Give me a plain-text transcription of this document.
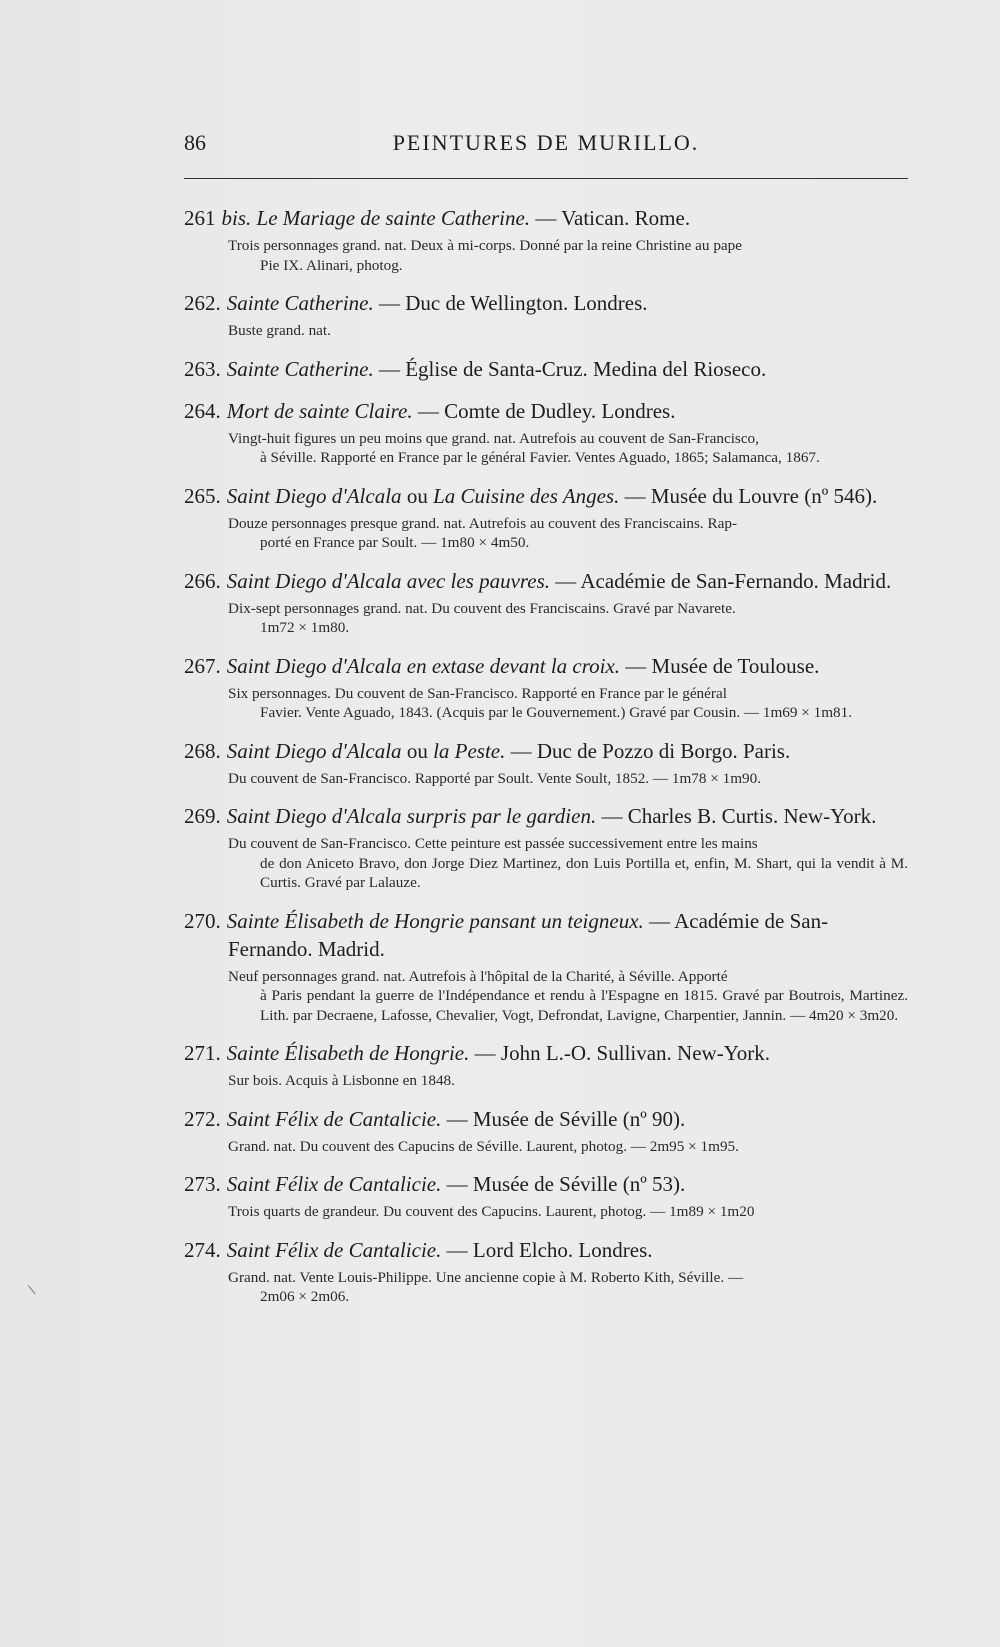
86	PEINTURES DE MURILLO.

261 bis. Le Mariage de sainte Catherine. — Vatican. Rome.

Trois personnages grand. nat. Deux à mi-corps. Donné par la reine Christine au pape
Pie IX. Alinari, photog.

262. Sainte Catherine. — Duc de Wellington. Londres.

Buste grand. nat.

263. Sainte Catherine. — Église de Santa-Cruz. Medina del Rioseco.

264. Mort de sainte Claire. — Comte de Dudley. Londres.

Vingt-huit figures un peu moins que grand. nat. Autrefois au couvent de San-Francisco,
à Séville. Rapporté en France par le général Favier. Ventes Aguado, 1865; Salamanca, 1867.

265. Saint Diego d'Alcala ou La Cuisine des Anges. — Musée du Louvre (nº 546).

Douze personnages presque grand. nat. Autrefois au couvent des Franciscains. Rap-
porté en France par Soult. — 1m80 × 4m50.

266. Saint Diego d'Alcala avec les pauvres. — Académie de San-Fernando. Madrid.

Dix-sept personnages grand. nat. Du couvent des Franciscains. Gravé par Navarete.
1m72 × 1m80.

267. Saint Diego d'Alcala en extase devant la croix. — Musée de Toulouse.

Six personnages. Du couvent de San-Francisco. Rapporté en France par le général
Favier. Vente Aguado, 1843. (Acquis par le Gouvernement.) Gravé par Cousin. — 1m69 × 1m81.

268. Saint Diego d'Alcala ou la Peste. — Duc de Pozzo di Borgo. Paris.

Du couvent de San-Francisco. Rapporté par Soult. Vente Soult, 1852. — 1m78 × 1m90.

269. Saint Diego d'Alcala surpris par le gardien. — Charles B. Curtis. New-York.

Du couvent de San-Francisco. Cette peinture est passée successivement entre les mains
de don Aniceto Bravo, don Jorge Diez Martinez, don Luis Portilla et, enfin, M. Shart, qui la vendit à M. Curtis. Gravé par Lalauze.

270. Sainte Élisabeth de Hongrie pansant un teigneux. — Académie de San-Fernando. Madrid.

Neuf personnages grand. nat. Autrefois à l'hôpital de la Charité, à Séville. Apporté
à Paris pendant la guerre de l'Indépendance et rendu à l'Espagne en 1815. Gravé par Boutrois, Martinez. Lith. par Decraene, Lafosse, Chevalier, Vogt, Defrondat, Lavigne, Charpentier, Jannin. — 4m20 × 3m20.

271. Sainte Élisabeth de Hongrie. — John L.-O. Sullivan. New-York.

Sur bois. Acquis à Lisbonne en 1848.

272. Saint Félix de Cantalicie. — Musée de Séville (nº 90).

Grand. nat. Du couvent des Capucins de Séville. Laurent, photog. — 2m95 × 1m95.

273. Saint Félix de Cantalicie. — Musée de Séville (nº 53).

Trois quarts de grandeur. Du couvent des Capucins. Laurent, photog. — 1m89 × 1m20

274. Saint Félix de Cantalicie. — Lord Elcho. Londres.

Grand. nat. Vente Louis-Philippe. Une ancienne copie à M. Roberto Kith, Séville. —
2m06 × 2m06.
\
